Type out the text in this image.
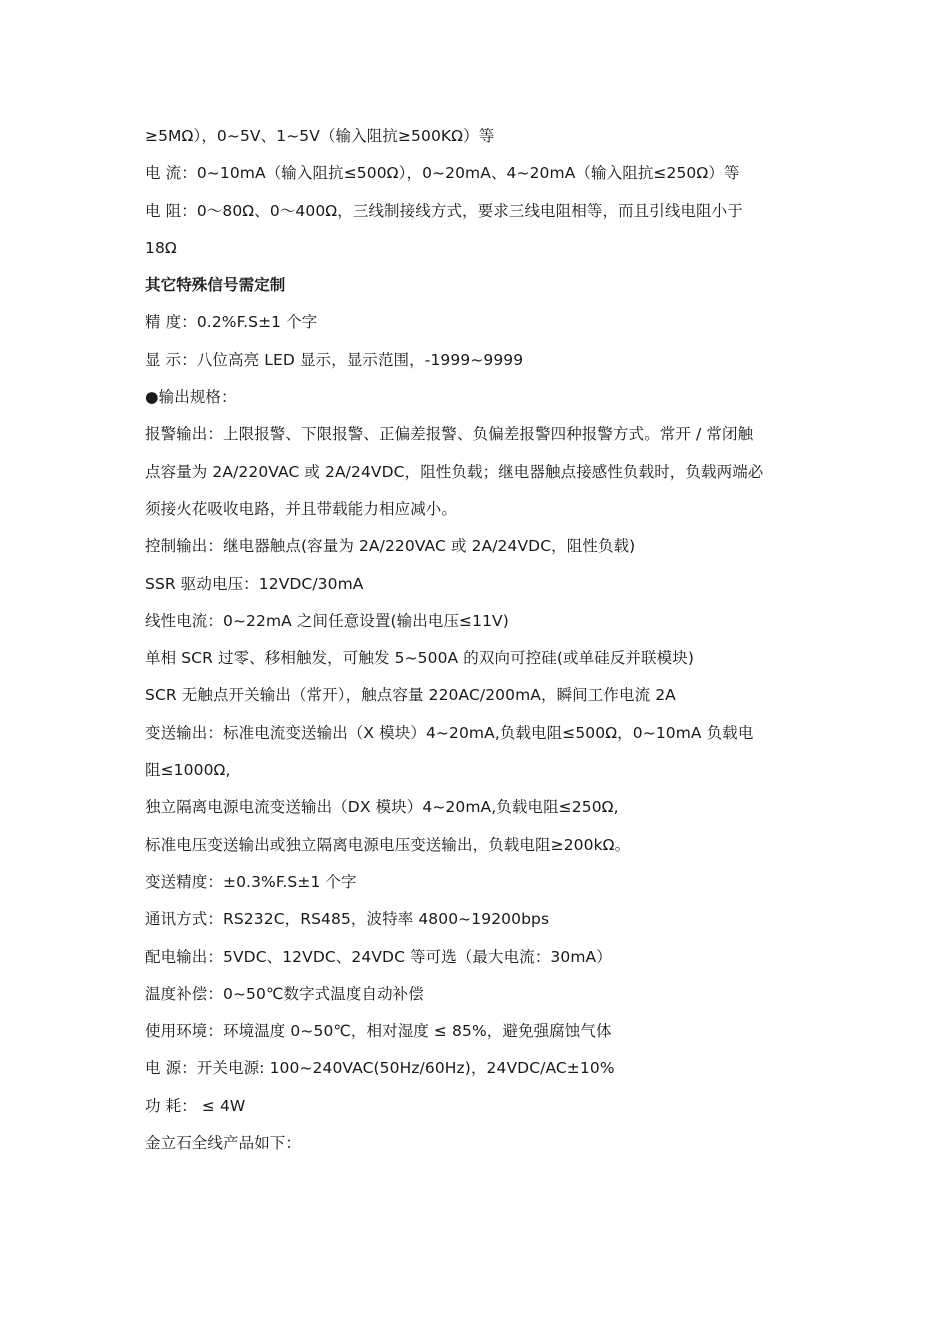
≥5MΩ），0~5V、1~5V（输入阻抗≥500KΩ）等
电 流：0~10mA（输入阻抗≤500Ω），0~20mA、4~20mA（输入阻抗≤250Ω）等
电 阻：0～80Ω、0～400Ω，三线制接线方式，要求三线电阻相等，而且引线电阻小于
18Ω
其它特殊信号需定制
精 度：0.2%F.S±1 个字
显 示：八位高亮 LED 显示，显示范围，-1999~9999
●输出规格：
报警输出：上限报警、下限报警、正偏差报警、负偏差报警四种报警方式。常开 / 常闭触
点容量为 2A/220VAC 或 2A/24VDC，阻性负载；继电器触点接感性负载时，负载两端必
须接火花吸收电路，并且带载能力相应减小。
控制输出：继电器触点(容量为 2A/220VAC 或 2A/24VDC，阻性负载)
SSR 驱动电压：12VDC/30mA
线性电流：0~22mA 之间任意设置(输出电压≤11V)
单相 SCR 过零、移相触发，可触发 5~500A 的双向可控硅(或单硅反并联模块)
SCR 无触点开关输出（常开），触点容量 220AC/200mA，瞬间工作电流 2A
变送输出：标准电流变送输出（X 模块）4~20mA,负载电阻≤500Ω，0~10mA 负载电
阻≤1000Ω,
独立隔离电源电流变送输出（DX 模块）4~20mA,负载电阻≤250Ω,
标准电压变送输出或独立隔离电源电压变送输出，负载电阻≥200kΩ。
变送精度：±0.3%F.S±1 个字
通讯方式：RS232C，RS485，波特率 4800~19200bps
配电输出：5VDC、12VDC、24VDC 等可选（最大电流：30mA）
温度补偿：0~50℃数字式温度自动补偿
使用环境：环境温度 0~50℃，相对湿度 ≤ 85%，避免强腐蚀气体
电 源：开关电源: 100~240VAC(50Hz/60Hz)，24VDC/AC±10%
功 耗： ≤ 4W
金立石全线产品如下：
